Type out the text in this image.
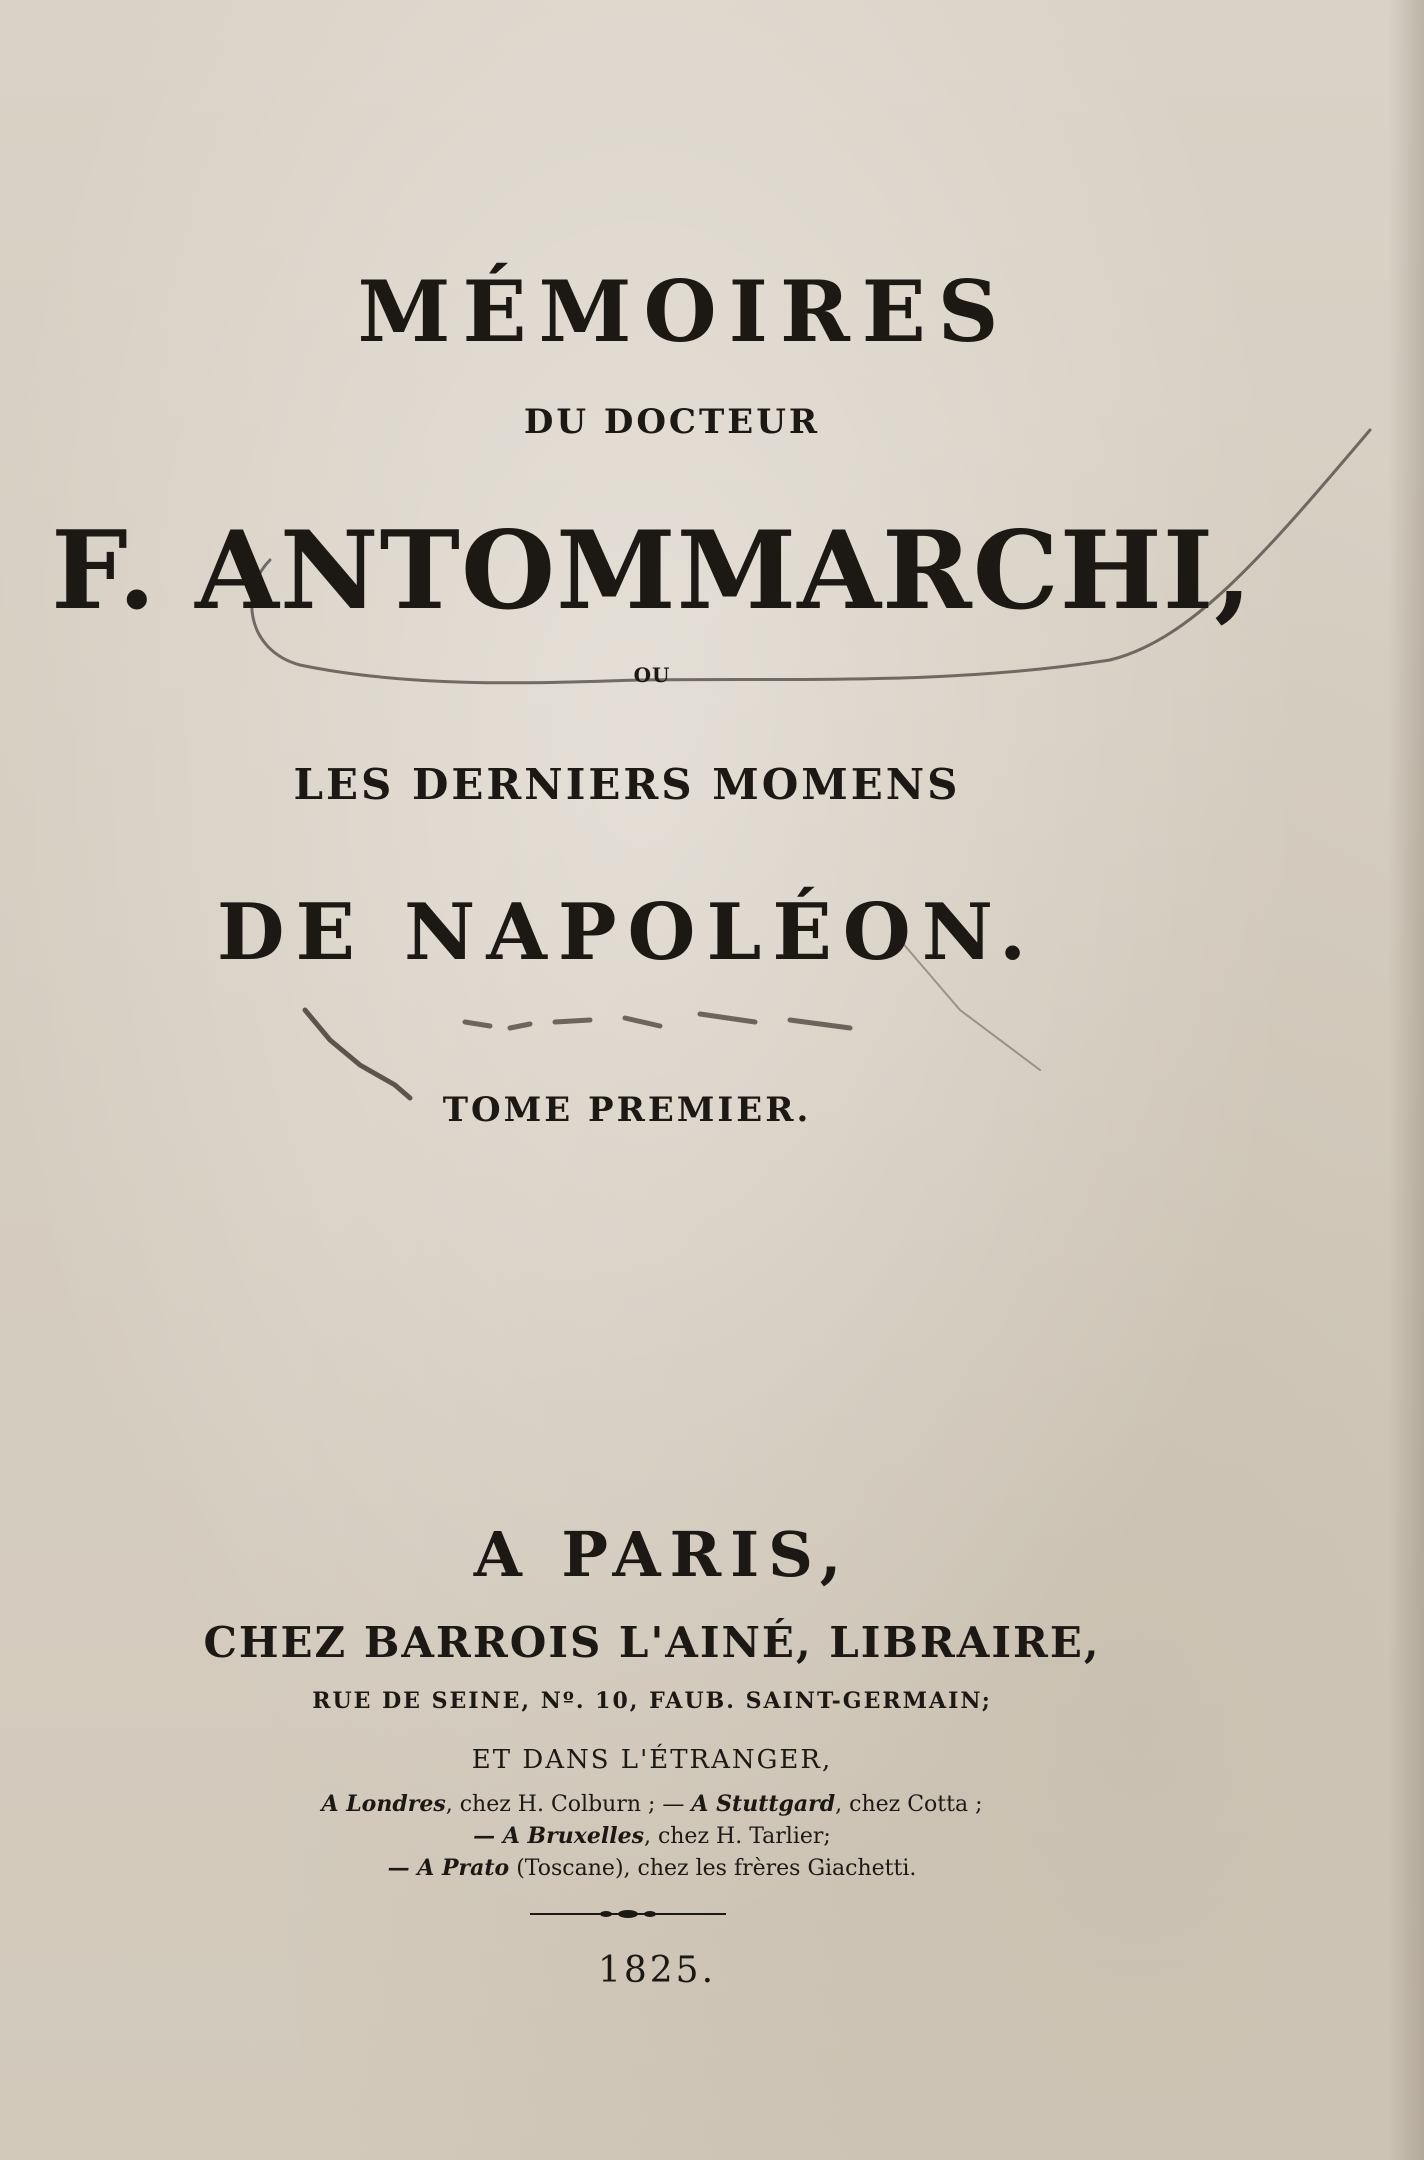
MÉMOIRES
DU DOCTEUR
F. ANTOMMARCHI,
OU
LES DERNIERS MOMENS
DE NAPOLÉON.
TOME PREMIER.
A PARIS,
CHEZ BARROIS L'AINÉ, LIBRAIRE,
RUE DE SEINE, Nº. 10, FAUB. SAINT-GERMAIN;
ET DANS L'ÉTRANGER,
A Londres, chez H. Colburn ; — A Stuttgard, chez Cotta ;
— A Bruxelles, chez H. Tarlier;
— A Prato (Toscane), chez les frères Giachetti.
1825.
